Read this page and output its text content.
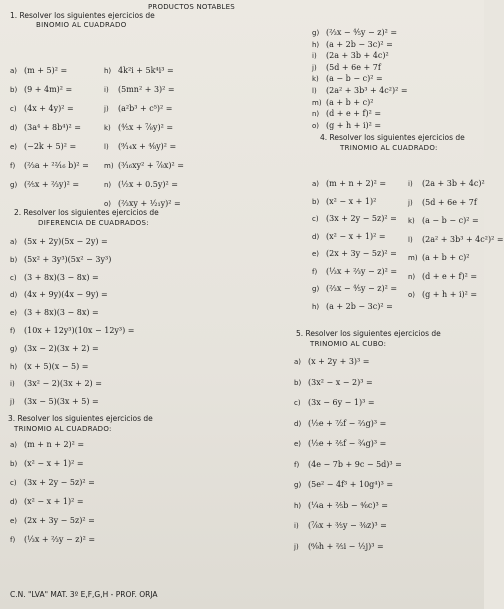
PRODUCTOS NOTABLES
1. Resolver los siguientes ejercicios de
BINOMIO AL CUADRADO
a) (m + 5)² =
b) (9 + 4m)² =
c) (4x + 4y)² =
d) (3a⁴ + 8b⁴)² =
e) (−2k + 5)² =
f) (⅔a + ²²⁄₁₆ b)² =
g) (⅖x + ⅔y)² =
h) 4k²i + 5k⁴i³ =
i) (5mn² + 3)² =
j) (a²b³ + c⁵)² =
k) (⅘x + ⅞y)² =
l) (⁹⁄₁₄x + ⁴⁄₈y)² =
m) (³⁄₁₆xy² + ⅞x)² =
n) (½x + 0.5y)² =
o) (⅔xy + ¹⁄₂₁y)² =
2. Resolver los siguientes ejercicios de
DIFERENCIA DE CUADRADOS:
a) (5x + 2y)(5x − 2y) =
b) (5x² + 3y³)(5x² − 3y³)
c) (3 + 8x)(3 − 8x) =
d) (4x + 9y)(4x − 9y) =
e) (3 + 8x)(3 − 8x) =
f) (10x + 12y³)(10x − 12y³) =
g) (3x − 2)(3x + 2) =
h) (x + 5)(x − 5) =
i) (3x² − 2)(3x + 2) =
j) (3x − 5)(3x + 5) =
3. Resolver los siguientes ejercicios de
TRINOMIO AL CUADRADO:
a) (m + n + 2)² =
b) (x² − x + 1)² =
c) (3x + 2y − 5z)² =
d) (x² − x + 1)² =
e) (2x + 3y − 5z)² =
f) (⅓x + ⅔y − z)² =
C.N. "LVA" MAT. 3º E,F,G,H - PROF. ORJA
g) (⅔x − ⅘y − z)² =
h) (a + 2b − 3c)² =
i) (2a + 3b + 4c)²
j) (5d + 6e + 7f
k) (a − b − c)² =
l) (2a² + 3b³ + 4c²)² =
m) (a + b + c)²
n) (d + e + f)² =
o) (g + h + i)² =
4. Resolver los siguientes ejercicios de
TRINOMIO AL CUADRADO:
a) (m + n + 2)² =
b) (x² − x + 1)²
c) (3x + 2y − 5z)² =
d) (x² − x + 1)² =
e) (2x + 3y − 5z)² =
f) (⅓x + ⅔y − z)² =
g) (⅔x − ⅘y − z)² =
h) (a + 2b − 3c)² =
i) (2a + 3b + 4c)²
j) (5d + 6e + 7f
k) (a − b − c)² =
l) (2a² + 3b³ + 4c²)² =
m) (a + b + c)²
n) (d + e + f)² =
o) (g + h + i)² =
5. Resolver los siguientes ejercicios de
TRINOMIO AL CUBO:
a) (x + 2y + 3)³ =
b) (3x² − x − 2)³ =
c) (3x − 6y − 1)³ =
d) (½e + ⁷⁄₂f − ⅔g)³ =
e) (½e + ⅖f − ¾g)³ =
f) (4e − 7b + 9c − 5d)³ =
g) (5e² − 4f³ + 10g⁴)³ =
h) (¼a + ⅖b − ⁴⁄₆c)³ =
i) (⅞x + ⅗y − ⅜z)³ =
j) (⁶⁄₉h + ⅖i − ½j)³ =
